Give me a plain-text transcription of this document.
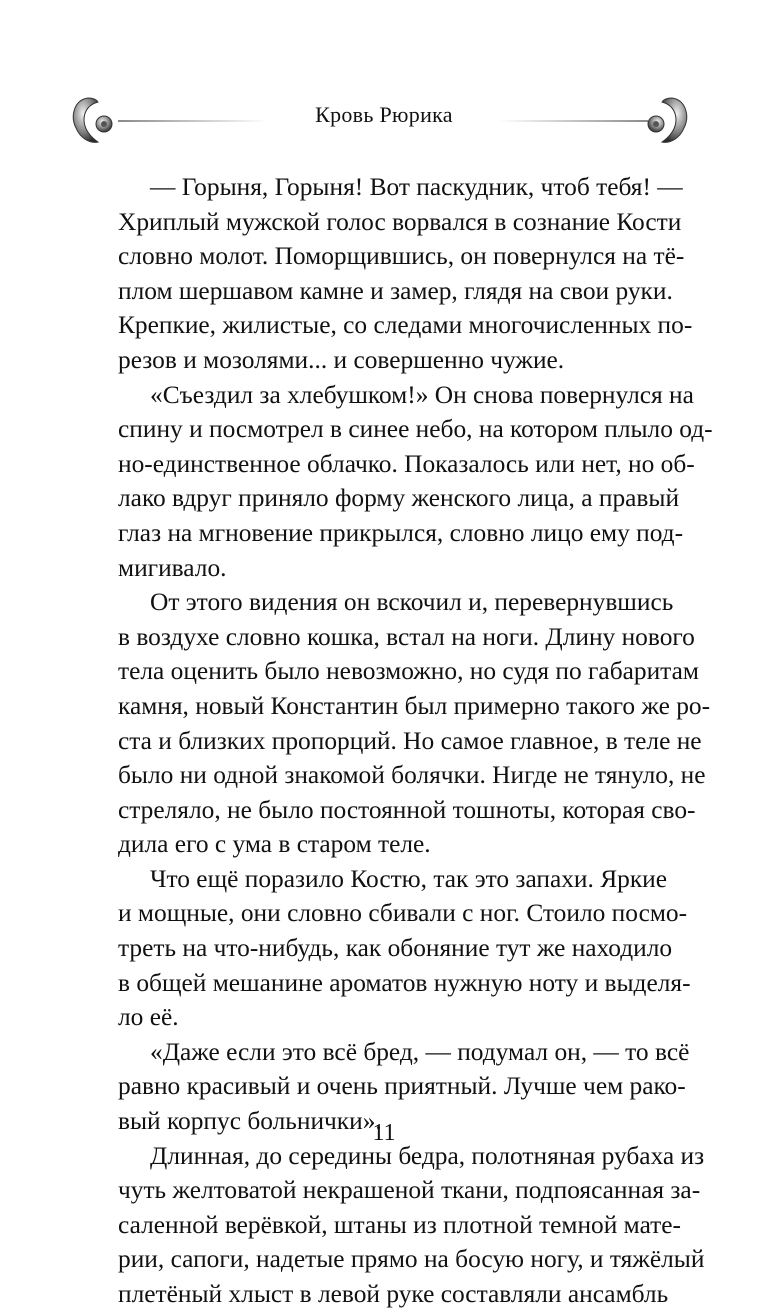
Кровь Рюрика
— Горыня, Горыня! Вот паскудник, чтоб тебя! —
Хриплый мужской голос ворвался в сознание Кости
словно молот. Поморщившись, он повернулся на тё-
плом шершавом камне и замер, глядя на свои руки.
Крепкие, жилистые, со следами многочисленных по-
резов и мозолями... и совершенно чужие.
«Съездил за хлебушком!» Он снова повернулся на
спину и посмотрел в синее небо, на котором плыло од-
но-единственное облачко. Показалось или нет, но об-
лако вдруг приняло форму женского лица, а правый
глаз на мгновение прикрылся, словно лицо ему под-
мигивало.
От этого видения он вскочил и, перевернувшись
в воздухе словно кошка, встал на ноги. Длину нового
тела оценить было невозможно, но судя по габаритам
камня, новый Константин был примерно такого же ро-
ста и близких пропорций. Но самое главное, в теле не
было ни одной знакомой болячки. Нигде не тянуло, не
стреляло, не было постоянной тошноты, которая сво-
дила его с ума в старом теле.
Что ещё поразило Костю, так это запахи. Яркие
и мощные, они словно сбивали с ног. Стоило посмо-
треть на что-нибудь, как обоняние тут же находило
в общей мешанине ароматов нужную ноту и выделя-
ло её.
«Даже если это всё бред, — подумал он, — то всё
равно красивый и очень приятный. Лучше чем рако-
вый корпус больнички».
Длинная, до середины бедра, полотняная рубаха из
чуть желтоватой некрашеной ткани, подпоясанная за-
саленной верёвкой, штаны из плотной темной мате-
рии, сапоги, надетые прямо на босую ногу, и тяжёлый
плетёный хлыст в левой руке составляли ансамбль
11
